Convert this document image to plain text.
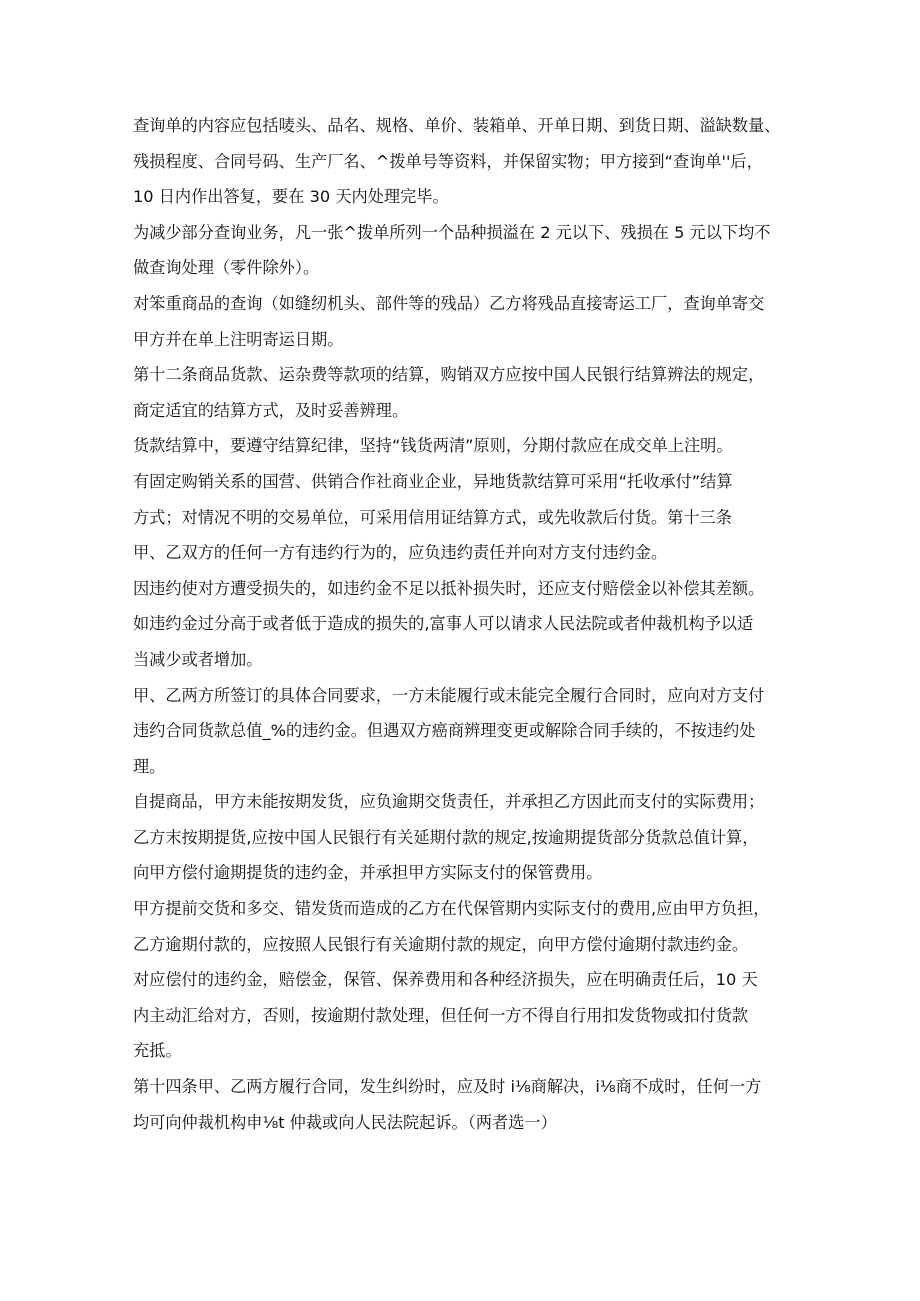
查询单的内容应包括唛头、品名、规格、单价、装箱单、开单日期、到货日期、溢缺数量、
残损程度、合同号码、生产厂名、^拨单号等资料，并保留实物；甲方接到“查询单''后，
10 日内作出答复，要在 30 天内处理完毕。
为减少部分查询业务，凡一张^拨单所列一个品种损溢在 2 元以下、残损在 5 元以下均不
做查询处理（零件除外）。
对笨重商品的查询（如缝纫机头、部件等的残品）乙方将残品直接寄运工厂，查询单寄交
甲方并在单上注明寄运日期。
第十二条商品货款、运杂费等款项的结算，购销双方应按中国人民银行结算辨法的规定，
商定适宜的结算方式，及时妥善辨理。
货款结算中，要遵守结算纪律，坚持“钱货两清”原则，分期付款应在成交单上注明。
有固定购销关系的国营、供销合作社商业企业，异地货款结算可采用“托收承付”结算
方式；对情况不明的交易单位，可采用信用证结算方式，或先收款后付货。第十三条
甲、乙双方的任何一方有违约行为的，应负违约责任并向对方支付违约金。
因违约使对方遭受损失的，如违约金不足以抵补损失时，还应支付赔偿金以补偿其差额。
如违约金过分高于或者低于造成的损失的,富事人可以请求人民法院或者仲裁机构予以适
当减少或者增加。
甲、乙两方所签订的具体合同要求，一方未能履行或未能完全履行合同时，应向对方支付
违约合同货款总值_%的违约金。但遇双方癌商辨理变更或解除合同手续的，不按违约处
理。
自提商品，甲方未能按期发货，应负逾期交货责任，并承担乙方因此而支付的实际费用；
乙方末按期提货,应按中国人民银行有关延期付款的规定,按逾期提货部分货款总值计算，
向甲方偿付逾期提货的违约金，并承担甲方实际支付的保管费用。
甲方提前交货和多交、错发货而造成的乙方在代保管期内实际支付的费用,应由甲方负担，
乙方逾期付款的，应按照人民银行有关逾期付款的规定，向甲方偿付逾期付款违约金。
对应偿付的违约金，赔偿金，保管、保养费用和各种经济损失，应在明确责任后，10 天
内主动汇给对方，否则，按逾期付款处理，但任何一方不得自行用扣发货物或扣付货款
充抵。
第十四条甲、乙两方履行合同，发生纠纷时，应及时 i⅛商解决，i⅛商不成时，任何一方
均可向仲裁机构申⅛t 仲裁或向人民法院起诉。（两者选一）
